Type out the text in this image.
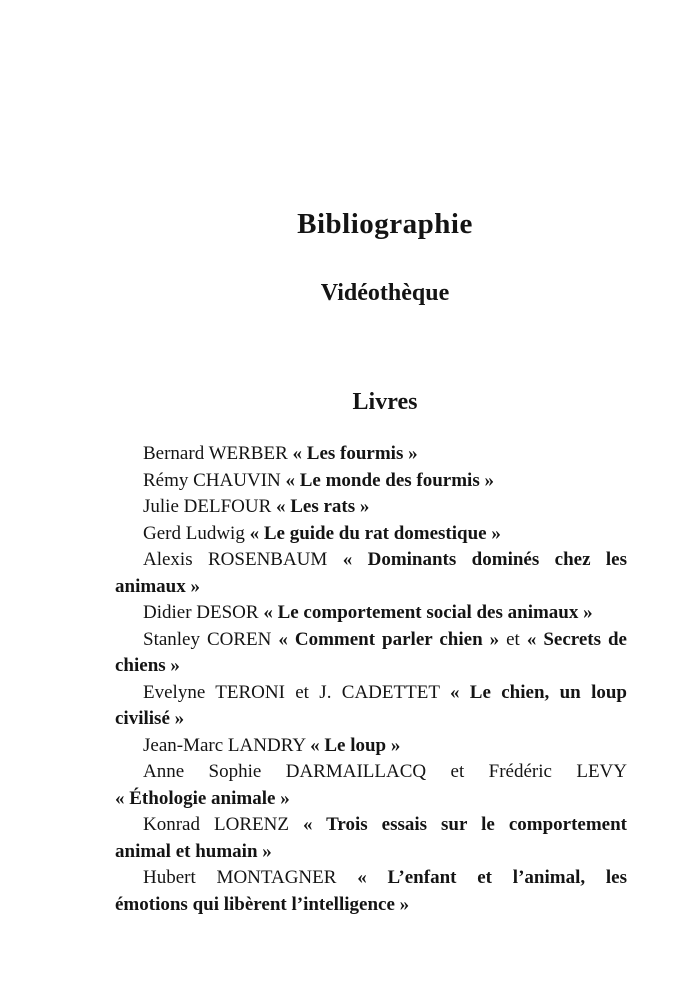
Bibliographie
Vidéothèque
Livres
Bernard WERBER « Les fourmis »
Rémy CHAUVIN « Le monde des fourmis »
Julie DELFOUR « Les rats »
Gerd Ludwig « Le guide du rat domestique »
Alexis ROSENBAUM « Dominants dominés chez les
animaux »
Didier DESOR « Le comportement social des animaux »
Stanley COREN « Comment parler chien » et « Secrets de
chiens »
Evelyne TERONI et J. CADETTET « Le chien, un loup
civilisé »
Jean-Marc LANDRY « Le loup »
Anne Sophie DARMAILLACQ et Frédéric LEVY
« Éthologie animale »
Konrad LORENZ « Trois essais sur le comportement
animal et humain »
Hubert MONTAGNER « L’enfant et l’animal, les
émotions qui libèrent l’intelligence »
